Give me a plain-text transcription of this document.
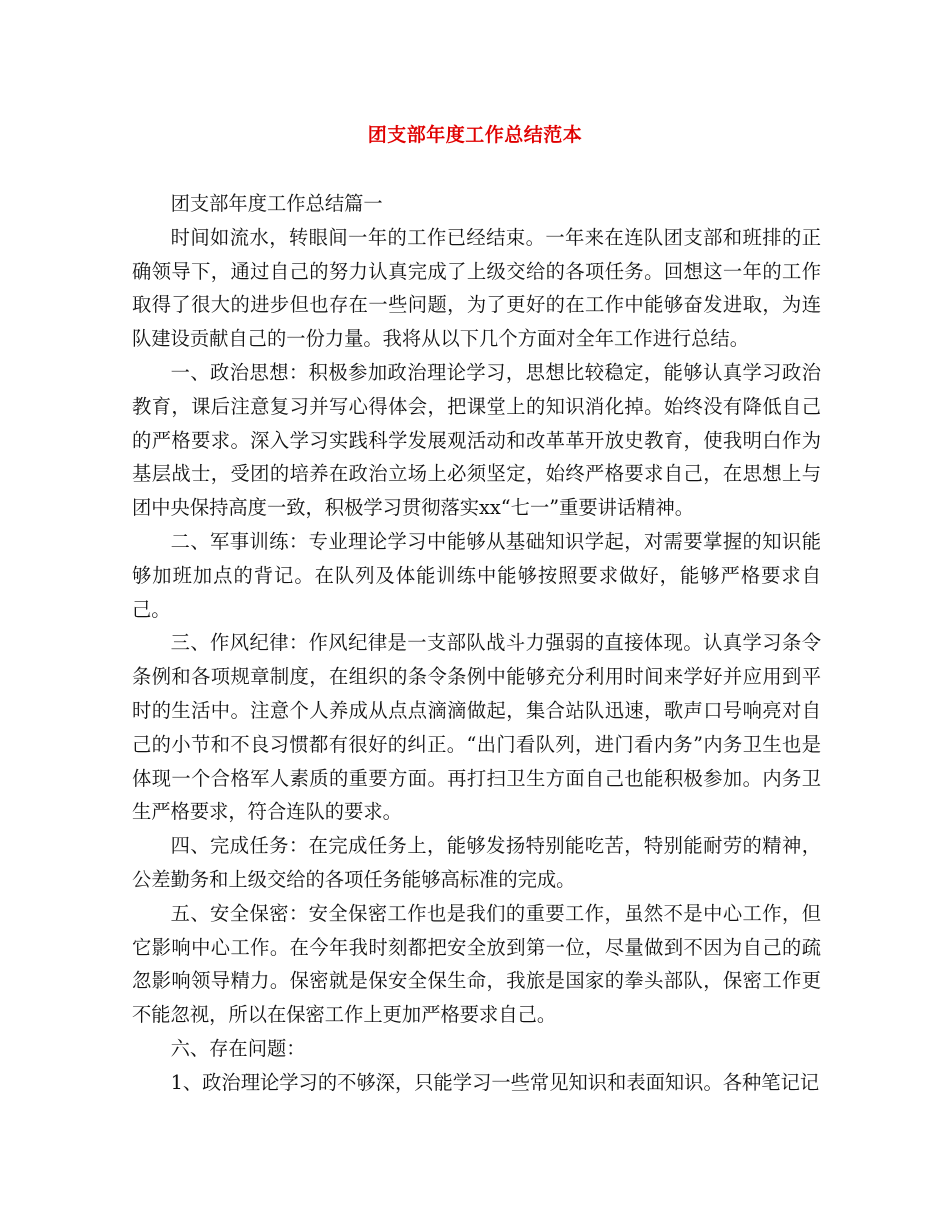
团支部年度工作总结范本

团支部年度工作总结篇一

时间如流水，转眼间一年的工作已经结束。一年来在连队团支部和班排的正确领导下，通过自己的努力认真完成了上级交给的各项任务。回想这一年的工作取得了很大的进步但也存在一些问题，为了更好的在工作中能够奋发进取，为连队建设贡献自己的一份力量。我将从以下几个方面对全年工作进行总结。

一、政治思想：积极参加政治理论学习，思想比较稳定，能够认真学习政治教育，课后注意复习并写心得体会，把课堂上的知识消化掉。始终没有降低自己的严格要求。深入学习实践科学发展观活动和改革革开放史教育，使我明白作为基层战士，受团的培养在政治立场上必须坚定，始终严格要求自己，在思想上与团中央保持高度一致，积极学习贯彻落实xx“七一”重要讲话精神。

二、军事训练：专业理论学习中能够从基础知识学起，对需要掌握的知识能够加班加点的背记。在队列及体能训练中能够按照要求做好，能够严格要求自己。

三、作风纪律：作风纪律是一支部队战斗力强弱的直接体现。认真学习条令条例和各项规章制度，在组织的条令条例中能够充分利用时间来学好并应用到平时的生活中。注意个人养成从点点滴滴做起，集合站队迅速，歌声口号响亮对自己的小节和不良习惯都有很好的纠正。“出门看队列，进门看内务”内务卫生也是体现一个合格军人素质的重要方面。再打扫卫生方面自己也能积极参加。内务卫生严格要求，符合连队的要求。

四、完成任务：在完成任务上，能够发扬特别能吃苦，特别能耐劳的精神，公差勤务和上级交给的各项任务能够高标准的完成。

五、安全保密：安全保密工作也是我们的重要工作，虽然不是中心工作，但它影响中心工作。在今年我时刻都把安全放到第一位，尽量做到不因为自己的疏忽影响领导精力。保密就是保安全保生命，我旅是国家的拳头部队，保密工作更不能忽视，所以在保密工作上更加严格要求自己。

六、存在问题：

1、政治理论学习的不够深，只能学习一些常见知识和表面知识。各种笔记记
